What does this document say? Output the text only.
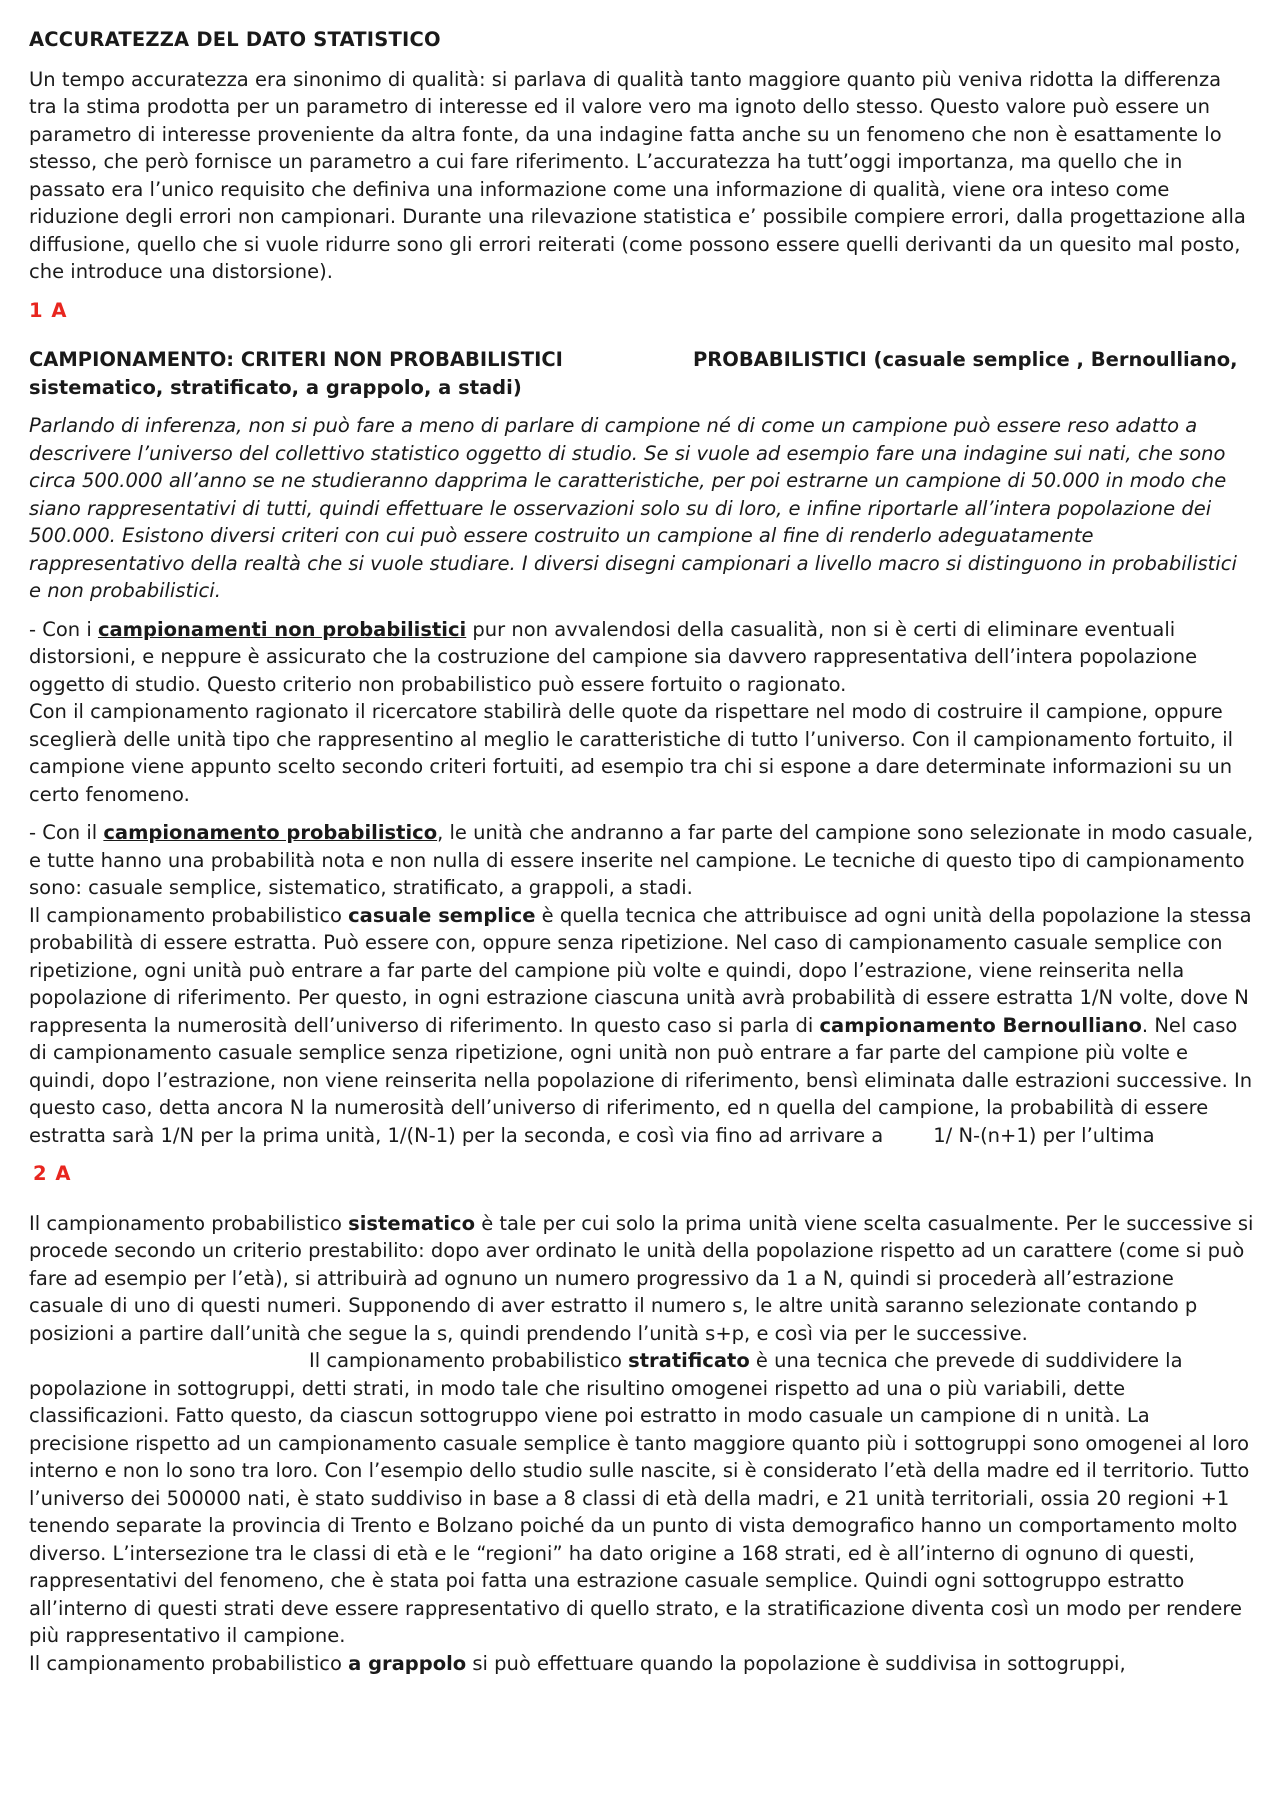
ACCURATEZZA DEL DATO STATISTICO

Un tempo accuratezza era sinonimo di qualità: si parlava di qualità tanto maggiore quanto più veniva ridotta la differenza tra la stima prodotta per un parametro di interesse ed il valore vero ma ignoto dello stesso. Questo valore può essere un parametro di interesse proveniente da altra fonte, da una indagine fatta anche su un fenomeno che non è esattamente lo stesso, che però fornisce un parametro a cui fare riferimento. L’accuratezza ha tutt’oggi importanza, ma quello che in passato era l’unico requisito che definiva una informazione come una informazione di qualità, viene ora inteso come riduzione degli errori non campionari. Durante una rilevazione statistica e’ possibile compiere errori, dalla progettazione alla diffusione, quello che si vuole ridurre sono gli errori reiterati (come possono essere quelli derivanti da un quesito mal posto, che introduce una distorsione).

1 A

CAMPIONAMENTO: CRITERI NON PROBABILISTICI	PROBABILISTICI (casuale semplice , Bernoulliano, sistematico, stratificato, a grappolo, a stadi)

Parlando di inferenza, non si può fare a meno di parlare di campione né di come un campione può essere reso adatto a descrivere l’universo del collettivo statistico oggetto di studio. Se si vuole ad esempio fare una indagine sui nati, che sono circa 500.000 all’anno se ne studieranno dapprima le caratteristiche, per poi estrarne un campione di 50.000 in modo che siano rappresentativi di tutti, quindi effettuare le osservazioni solo su di loro, e infine riportarle all’intera popolazione dei 500.000. Esistono diversi criteri con cui può essere costruito un campione al fine di renderlo adeguatamente rappresentativo della realtà che si vuole studiare. I diversi disegni campionari a livello macro si distinguono in probabilistici e non probabilistici.

- Con i campionamenti non probabilistici pur non avvalendosi della casualità, non si è certi di eliminare eventuali distorsioni, e neppure è assicurato che la costruzione del campione sia davvero rappresentativa dell’intera popolazione oggetto di studio. Questo criterio non probabilistico può essere fortuito o ragionato.

Con il campionamento ragionato il ricercatore stabilirà delle quote da rispettare nel modo di costruire il campione, oppure sceglierà delle unità tipo che rappresentino al meglio le caratteristiche di tutto l’universo. Con il campionamento fortuito, il campione viene appunto scelto secondo criteri fortuiti, ad esempio tra chi si espone a dare determinate informazioni su un certo fenomeno.

- Con il campionamento probabilistico, le unità che andranno a far parte del campione sono selezionate in modo casuale, e tutte hanno una probabilità nota e non nulla di essere inserite nel campione. Le tecniche di questo tipo di campionamento sono: casuale semplice, sistematico, stratificato, a grappoli, a stadi.

Il campionamento probabilistico casuale semplice è quella tecnica che attribuisce ad ogni unità della popolazione la stessa probabilità di essere estratta. Può essere con, oppure senza ripetizione. Nel caso di campionamento casuale semplice con ripetizione, ogni unità può entrare a far parte del campione più volte e quindi, dopo l’estrazione, viene reinserita nella popolazione di riferimento. Per questo, in ogni estrazione ciascuna unità avrà probabilità di essere estratta 1/N volte, dove N rappresenta la numerosità dell’universo di riferimento. In questo caso si parla di campionamento Bernoulliano. Nel caso di campionamento casuale semplice senza ripetizione, ogni unità non può entrare a far parte del campione più volte e quindi, dopo l’estrazione, non viene reinserita nella popolazione di riferimento, bensì eliminata dalle estrazioni successive. In questo caso, detta ancora N la numerosità dell’universo di riferimento, ed n quella del campione, la probabilità di essere estratta sarà 1/N per la prima unità, 1/(N-1) per la seconda, e così via fino ad arrivare a	1/ N-(n+1) per l’ultima

2 A

Il campionamento probabilistico sistematico è tale per cui solo la prima unità viene scelta casualmente. Per le successive si procede secondo un criterio prestabilito: dopo aver ordinato le unità della popolazione rispetto ad un carattere (come si può fare ad esempio per l’età), si attribuirà ad ognuno un numero progressivo da 1 a N, quindi si procederà all’estrazione casuale di uno di questi numeri. Supponendo di aver estratto il numero s, le altre unità saranno selezionate contando p posizioni a partire dall’unità che segue la s, quindi prendendo l’unità s+p, e così via per le successive.Il campionamento probabilistico stratificato è una tecnica che prevede di suddividere la popolazione in sottogruppi, detti strati, in modo tale che risultino omogenei rispetto ad una o più variabili, dette classificazioni. Fatto questo, da ciascun sottogruppo viene poi estratto in modo casuale un campione di n unità. La precisione rispetto ad un campionamento casuale semplice è tanto maggiore quanto più i sottogruppi sono omogenei al loro interno e non lo sono tra loro. Con l’esempio dello studio sulle nascite, si è considerato l’età della madre ed il territorio. Tutto l’universo dei 500000 nati, è stato suddiviso in base a 8 classi di età della madri, e 21 unità territoriali, ossia 20 regioni +1 tenendo separate la provincia di Trento e Bolzano poiché da un punto di vista demografico hanno un comportamento molto diverso. L’intersezione tra le classi di età e le “regioni” ha dato origine a 168 strati, ed è all’interno di ognuno di questi, rappresentativi del fenomeno, che è stata poi fatta una estrazione casuale semplice. Quindi ogni sottogruppo estratto all’interno di questi strati deve essere rappresentativo di quello strato, e la stratificazione diventa così un modo per rendere più rappresentativo il campione.

Il campionamento probabilistico a grappolo si può effettuare quando la popolazione è suddivisa in sottogruppi,
